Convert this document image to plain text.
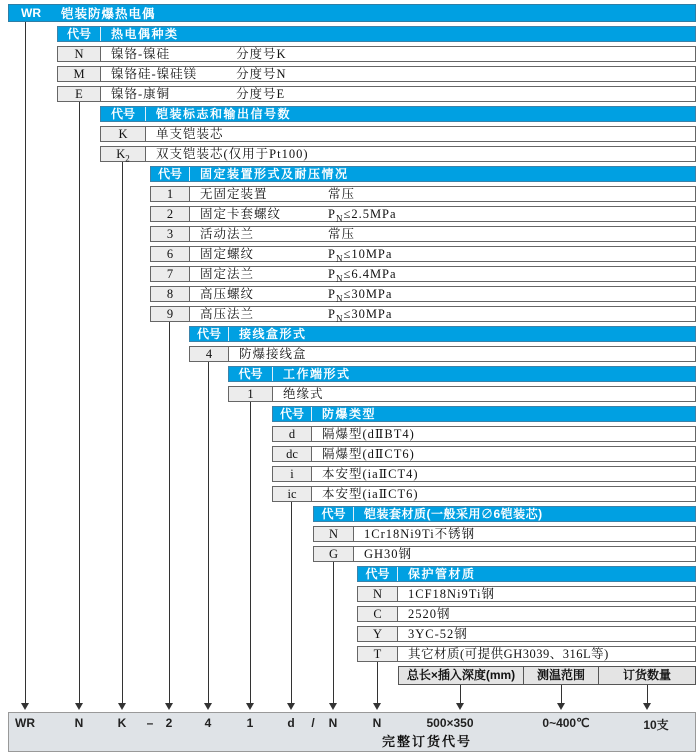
WR 铠装防爆热电偶
代号	热电偶种类
N	镍铬-镍硅	分度号K
M	镍铬硅-镍硅镁	分度号N
E	镍铬-康铜	分度号E
代号	铠装标志和输出信号数
K	单支铠装芯
$K_2$	双支铠装芯(仅用于Pt100)
代号	固定装置形式及耐压情况
1	无固定装置	常压
2	固定卡套螺纹	$P_N\le 2.5MPa$
3	活动法兰	常压
6	固定螺纹	$P_N\le 10MPa$
7	固定法兰	$P_N\le 6.4MPa$
8	高压螺纹	$P_N\le 30MPa$
9	高压法兰	$P_N\le 30MPa$
代号	接线盒形式
4	防爆接线盒
代号	工作端形式
1	绝缘式
代号	防爆类型
d	隔爆型(dⅡBT4)
dc	隔爆型(dⅡCT6)
i	本安型(iaⅡCT4)
ic	本安型(iaⅡCT6)
代号	铠装套材质(一般采用∅6铠装芯)
N	1Cr18Ni9Ti不锈钢
G	GH30钢
代号	保护管材质
N	1CF18Ni9Ti钢
C	2520钢
Y	3YC-52钢
T	其它材质(可提供GH3039、316L等)
总长×插入深度(mm)	测温范围	订货数量
WR	N	K – 2	4	1	d / N	N	500×350	0~400℃	10支
完整订货代号
